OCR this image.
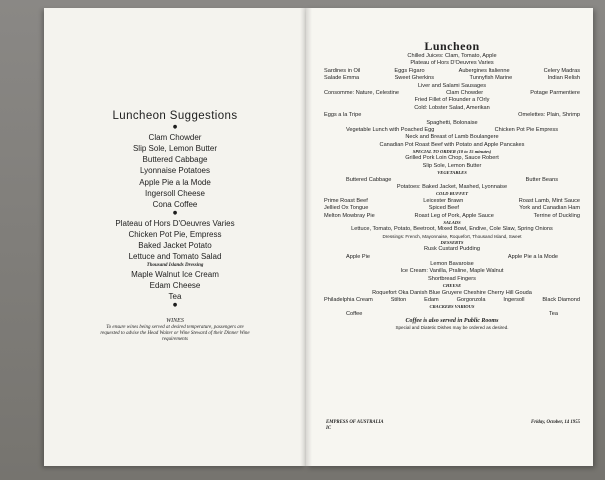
Luncheon Suggestions
●
Clam Chowder
Slip Sole, Lemon Butter
Buttered Cabbage
Lyonnaise Potatoes
Apple Pie a la Mode
Ingersoll Cheese
Cona Coffee
●
Plateau of Hors D'Oeuvres Varies
Chicken Pot Pie, Empress
Baked Jacket Potato
Lettuce and Tomato Salad
Thousand Islands Dressing
Maple Walnut Ice Cream
Edam Cheese
Tea
●
WINES
To ensure wines being served at desired temperature, passengers are requested to advise the Head Waiter or Wine Steward of their Dinner Wine requirements
Luncheon
Chilled Juices: Clam, Tomato, Apple
Plateau of Hors D'Oeuvres Varies
Sardines in Oil	Eggs Figaro	Aubergines Italienne	Celery Madras
Salade Emma	Sweet Gherkins	Tunnyfish Marine	Indian Relish
Liver and Salami Sausages
Consomme: Nature, Celestine	Clam Chowder	Potage Parmentiere
Fried Fillet of Flounder a l'Orly
Cold: Lobster Salad, Amerikan
Eggs a la Tripe	Omelettes: Plain, Shrimp
Spaghetti, Bolonaise
Vegetable Lunch with Poached Egg	Chicken Pot Pie Empress
Neck and Breast of Lamb Boulangere
Canadian Pot Roast Beef with Potato and Apple Pancakes
SPECIAL TO ORDER (10 to 15 minutes)
Grilled Pork Loin Chop, Sauce Robert
Slip Sole, Lemon Butter
VEGETABLES
Buttered Cabbage	Butter Beans
Potatoes: Baked Jacket, Mashed, Lyonnaise
COLD BUFFET
Prime Roast Beef	Leicester Brawn	Roast Lamb, Mint Sauce
Jellied Ox Tongue	Spiced Beef	York and Canadian Ham
Melton Mowbray Pie	Roast Leg of Pork, Apple Sauce	Terrine of Duckling
SALADS
Lettuce, Tomato, Potato, Beetroot, Mixed Bowl, Endive, Cole Slaw, Spring Onions
Dressings: French, Mayonnaise, Roquefort, Thousand Island, Sweet
DESSERTS
Rusk Custard Pudding
Apple Pie	Apple Pie a la Mode
Lemon Bavaroise
Ice Cream: Vanilla, Praline, Maple Walnut
Shortbread Fingers
CHEESE
Roquefort Oka Danish Blue Gruyere Cheshire Cherry Hill Gouda
Philadelphia Cream	Stilton	Edam	Gorgonzola	Ingersoll	Black Diamond
CRACKERS VARIOUS
Coffee	Tea
Coffee is also served in Public Rooms
Special and Diatetic Dishes may be ordered as desired.
EMPRESS OF AUSTRALIA	Friday, October, 14 1955
IC
